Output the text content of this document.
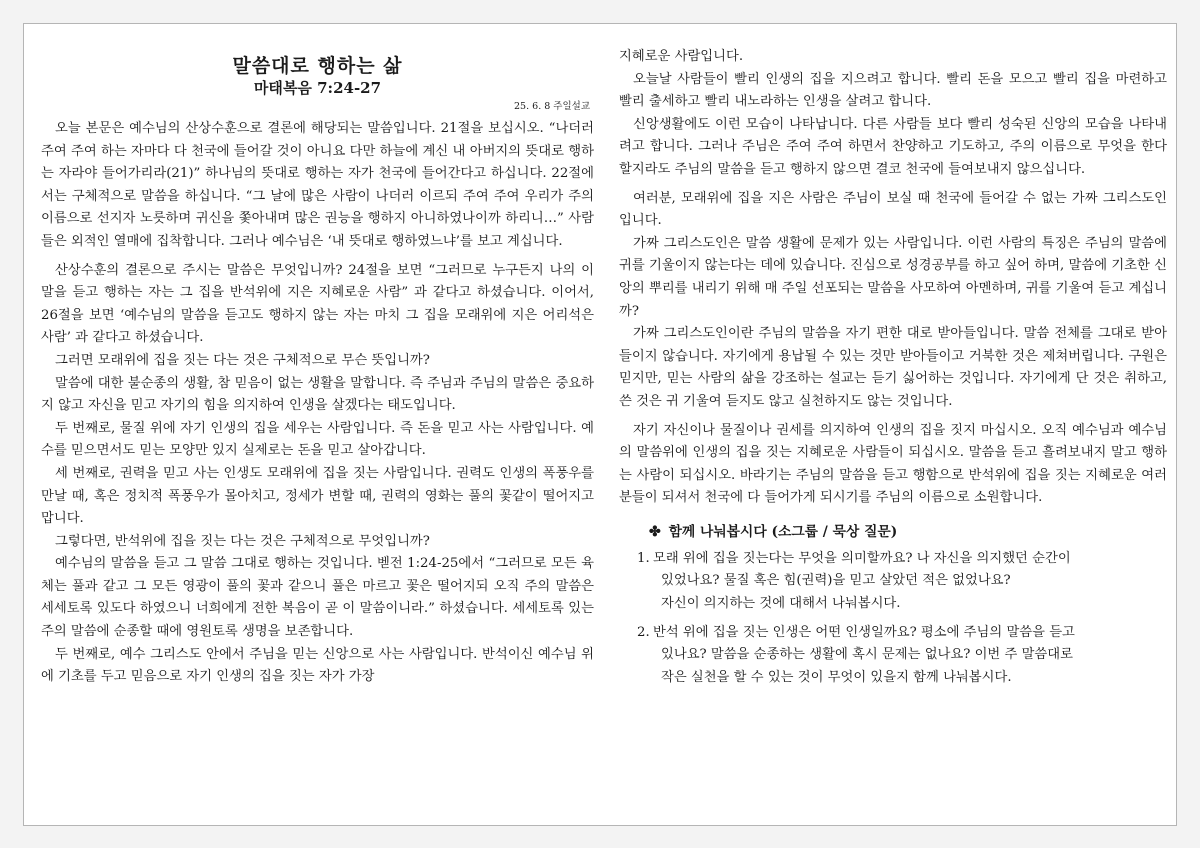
말씀대로 행하는 삶
마태복음 7:24-27
25. 6. 8 주일설교

오늘 본문은 예수님의 산상수훈으로 결론에 해당되는 말씀입니다. 21절을 보십시오. “나더러 주여 주여 하는 자마다 다 천국에 들어갈 것이 아니요 다만 하늘에 계신 내 아버지의 뜻대로 행하는 자라야 들어가리라(21)” 하나님의 뜻대로 행하는 자가 천국에 들어간다고 하십니다. 22절에서는 구체적으로 말씀을 하십니다. “그 날에 많은 사람이 나더러 이르되 주여 주여 우리가 주의 이름으로 선지자 노릇하며 귀신을 쫓아내며 많은 권능을 행하지 아니하였나이까 하리니…” 사람들은 외적인 열매에 집착합니다. 그러나 예수님은 ‘내 뜻대로 행하였느냐’를 보고 계십니다.

산상수훈의 결론으로 주시는 말씀은 무엇입니까? 24절을 보면 “그러므로 누구든지 나의 이 말을 듣고 행하는 자는 그 집을 반석위에 지은 지혜로운 사람” 과 같다고 하셨습니다. 이어서, 26절을 보면 ‘예수님의 말씀을 듣고도 행하지 않는 자는 마치 그 집을 모래위에 지은 어리석은 사람’ 과 같다고 하셨습니다.

그러면 모래위에 집을 짓는 다는 것은 구체적으로 무슨 뜻입니까?

말씀에 대한 불순종의 생활, 참 믿음이 없는 생활을 말합니다. 즉 주님과 주님의 말씀은 중요하지 않고 자신을 믿고 자기의 힘을 의지하여 인생을 살겠다는 태도입니다.

두 번째로, 물질 위에 자기 인생의 집을 세우는 사람입니다. 즉 돈을 믿고 사는 사람입니다. 예수를 믿으면서도 믿는 모양만 있지 실제로는 돈을 믿고 살아갑니다.

세 번째로, 권력을 믿고 사는 인생도 모래위에 집을 짓는 사람입니다. 권력도 인생의 폭풍우를 만날 때, 혹은 정치적 폭풍우가 몰아치고, 정세가 변할 때, 권력의 영화는 풀의 꽃같이 떨어지고 맙니다.

그렇다면, 반석위에 집을 짓는 다는 것은 구체적으로 무엇입니까?

예수님의 말씀을 듣고 그 말씀 그대로 행하는 것입니다. 벧전 1:24-25에서 “그러므로 모든 육체는 풀과 같고 그 모든 영광이 풀의 꽃과 같으니 풀은 마르고 꽃은 떨어지되 오직 주의 말씀은 세세토록 있도다 하였으니 너희에게 전한 복음이 곧 이 말씀이니라.” 하셨습니다. 세세토록 있는 주의 말씀에 순종할 때에 영원토록 생명을 보존합니다.

두 번째로, 예수 그리스도 안에서 주님을 믿는 신앙으로 사는 사람입니다. 반석이신 예수님 위에 기초를 두고 믿음으로 자기 인생의 집을 짓는 자가 가장

지혜로운 사람입니다.

오늘날 사람들이 빨리 인생의 집을 지으려고 합니다. 빨리 돈을 모으고 빨리 집을 마련하고 빨리 출세하고 빨리 내노라하는 인생을 살려고 합니다.

신앙생활에도 이런 모습이 나타납니다. 다른 사람들 보다 빨리 성숙된 신앙의 모습을 나타내려고 합니다. 그러나 주님은 주여 주여 하면서 찬양하고 기도하고, 주의 이름으로 무엇을 한다 할지라도 주님의 말씀을 듣고 행하지 않으면 결코 천국에 들여보내지 않으십니다.

여러분, 모래위에 집을 지은 사람은 주님이 보실 때 천국에 들어갈 수 없는 가짜 그리스도인입니다.

가짜 그리스도인은 말씀 생활에 문제가 있는 사람입니다. 이런 사람의 특징은 주님의 말씀에 귀를 기울이지 않는다는 데에 있습니다. 진심으로 성경공부를 하고 싶어 하며, 말씀에 기초한 신앙의 뿌리를 내리기 위해 매 주일 선포되는 말씀을 사모하여 아멘하며, 귀를 기울여 듣고 계십니까?

가짜 그리스도인이란 주님의 말씀을 자기 편한 대로 받아들입니다. 말씀 전체를 그대로 받아들이지 않습니다. 자기에게 용납될 수 있는 것만 받아들이고 거북한 것은 제쳐버립니다. 구원은 믿지만, 믿는 사람의 삶을 강조하는 설교는 듣기 싫어하는 것입니다. 자기에게 단 것은 취하고, 쓴 것은 귀 기울여 듣지도 않고 실천하지도 않는 것입니다.

자기 자신이나 물질이나 권세를 의지하여 인생의 집을 짓지 마십시오. 오직 예수님과 예수님의 말씀위에 인생의 집을 짓는 지혜로운 사람들이 되십시오. 말씀을 듣고 흘려보내지 말고 행하는 사람이 되십시오. 바라기는 주님의 말씀을 듣고 행함으로 반석위에 집을 짓는 지혜로운 여러분들이 되셔서 천국에 다 들어가게 되시기를 주님의 이름으로 소원합니다.

✤ 함께 나눠봅시다 (소그룹 / 묵상 질문)
1. 모래 위에 집을 짓는다는 무엇을 의미할까요? 나 자신을 의지했던 순간이
있었나요? 물질 혹은 힘(권력)을 믿고 살았던 적은 없었나요?
자신이 의지하는 것에 대해서 나눠봅시다.
2. 반석 위에 집을 짓는 인생은 어떤 인생일까요? 평소에 주님의 말씀을 듣고
있나요? 말씀을 순종하는 생활에 혹시 문제는 없나요? 이번 주 말씀대로
작은 실천을 할 수 있는 것이 무엇이 있을지 함께 나눠봅시다.
